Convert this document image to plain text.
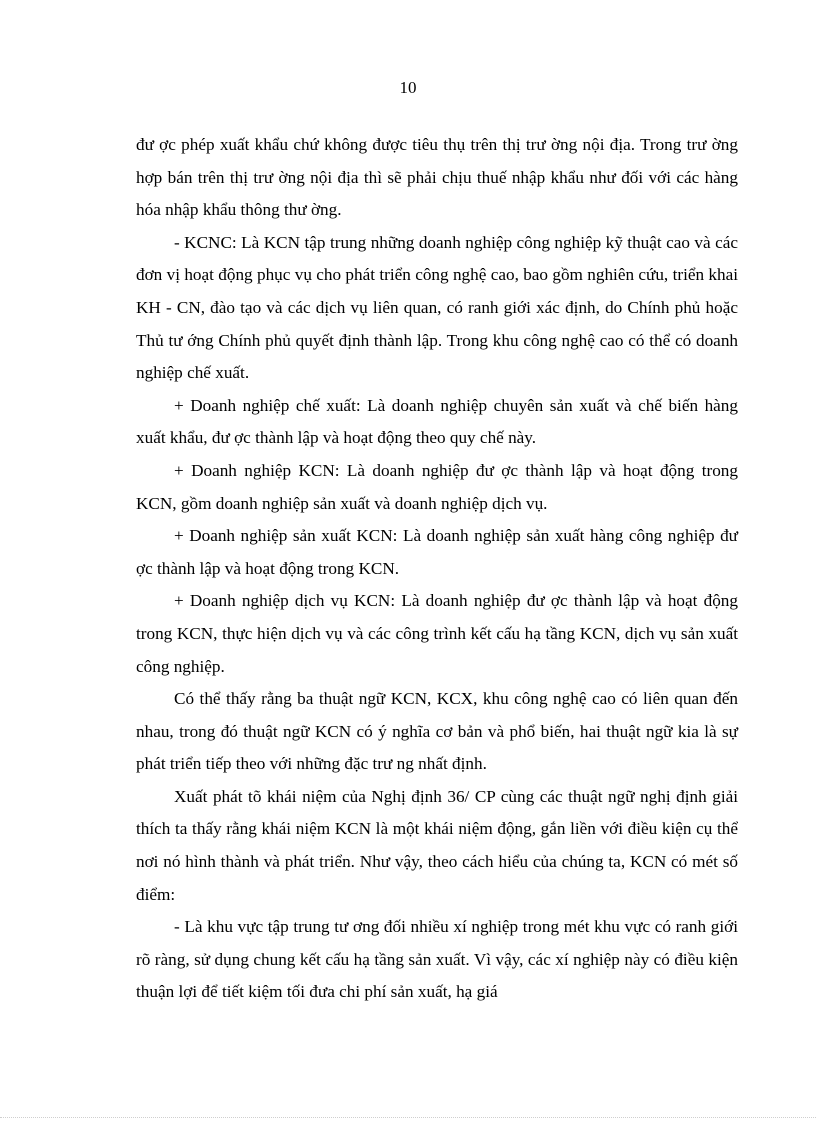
10

đư ợc phép xuất khẩu chứ không được tiêu thụ trên thị trư ờng nội địa. Trong trư ờng hợp bán trên thị trư ờng nội địa thì sẽ phải chịu thuế nhập khẩu như đối với các hàng hóa nhập khẩu thông thư ờng.

- KCNC: Là KCN tập trung những doanh nghiệp công nghiệp kỹ thuật cao và các đơn vị hoạt động phục vụ cho phát triển công nghệ cao, bao gồm nghiên cứu, triển khai KH - CN, đào tạo và các dịch vụ liên quan, có ranh giới xác định, do Chính phủ hoặc Thủ tư ớng Chính phủ quyết định thành lập. Trong khu công nghệ cao có thể có doanh nghiệp chế xuất.

+ Doanh nghiệp chế xuất: Là doanh nghiệp chuyên sản xuất và chế biến hàng xuất khẩu, đư ợc thành lập và hoạt động theo quy chế này.

+ Doanh nghiệp KCN: Là doanh nghiệp đư ợc thành lập và hoạt động trong KCN, gồm doanh nghiệp sản xuất và doanh nghiệp dịch vụ.

+ Doanh nghiệp sản xuất KCN: Là doanh nghiệp sản xuất hàng công nghiệp đư ợc thành lập và hoạt động trong KCN.

+ Doanh nghiệp dịch vụ KCN: Là doanh nghiệp đư ợc thành lập và hoạt động trong KCN, thực hiện dịch vụ và các công trình kết cấu hạ tầng KCN, dịch vụ sản xuất công nghiệp.

Có thể thấy rằng ba thuật ngữ KCN, KCX, khu công nghệ cao có liên quan đến nhau, trong đó thuật ngữ KCN có ý nghĩa cơ bản và phổ biến, hai thuật ngữ kia là sự phát triển tiếp theo với những đặc trư ng nhất định.

Xuất phát tõ khái niệm của Nghị định 36/ CP cùng các thuật ngữ nghị định giải thích ta thấy rằng khái niệm KCN là một khái niệm động, gắn liền với điều kiện cụ thể nơi nó hình thành và phát triển. Như vậy, theo cách hiểu của chúng ta, KCN có mét số điểm:

- Là khu vực tập trung tư ơng đối nhiều xí nghiệp trong mét khu vực có ranh giới rõ ràng, sử dụng chung kết cấu hạ tầng sản xuất. Vì vậy, các xí nghiệp này có điều kiện thuận lợi để tiết kiệm tối đưa chi phí sản xuất, hạ giá
